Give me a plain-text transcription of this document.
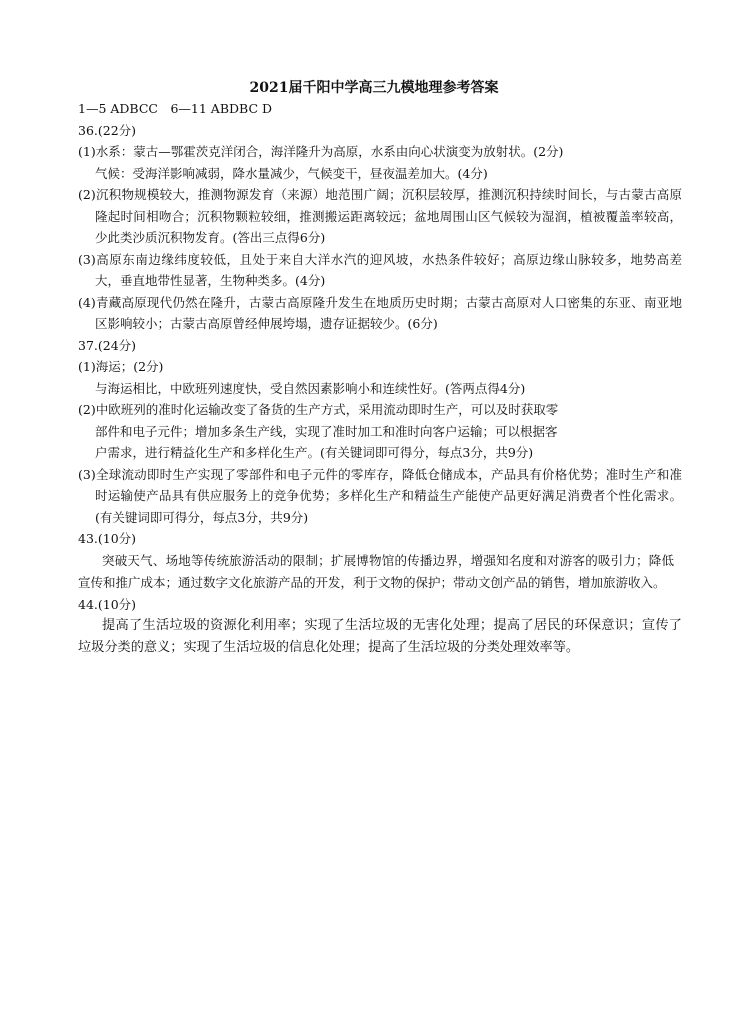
2021届千阳中学高三九模地理参考答案
1—5 ADBCC　6—11 ABDBC D
36.(22分)
(1)水系：蒙古—鄂霍茨克洋闭合，海洋隆升为高原，水系由向心状演变为放射状。(2分)
气候：受海洋影响减弱，降水量减少，气候变干，昼夜温差加大。(4分)
(2)沉积物规模较大，推测物源发育（来源）地范围广阔；沉积层较厚，推测沉积持续时间长，与古蒙古高原隆起时间相吻合；沉积物颗粒较细，推测搬运距离较远；盆地周围山区气候较为湿润，植被覆盖率较高，少此类沙质沉积物发育。(答出三点得6分)
(3)高原东南边缘纬度较低，且处于来自大洋水汽的迎风坡，水热条件较好；高原边缘山脉较多，地势高差大，垂直地带性显著，生物种类多。(4分)
(4)青藏高原现代仍然在隆升，古蒙古高原隆升发生在地质历史时期；古蒙古高原对人口密集的东亚、南亚地区影响较小；古蒙古高原曾经伸展垮塌，遗存证据较少。(6分)
37.(24分)
(1)海运；(2分)
与海运相比，中欧班列速度快，受自然因素影响小和连续性好。(答两点得4分)
(2)中欧班列的准时化运输改变了备货的生产方式，采用流动即时生产，可以及时获取零
部件和电子元件；增加多条生产线，实现了准时加工和准时向客户运输；可以根据客
户需求，进行精益化生产和多样化生产。(有关键词即可得分，每点3分，共9分)
(3)全球流动即时生产实现了零部件和电子元件的零库存，降低仓储成本，产品具有价格优势；准时生产和准时运输使产品具有供应服务上的竞争优势；多样化生产和精益生产能使产品更好满足消费者个性化需求。(有关键词即可得分，每点3分，共9分)
43.(10分)
突破天气、场地等传统旅游活动的限制；扩展博物馆的传播边界，增强知名度和对游客的吸引力；降低宣传和推广成本；通过数字文化旅游产品的开发，利于文物的保护；带动文创产品的销售，增加旅游收入。
44.(10分)
提高了生活垃圾的资源化利用率；实现了生活垃圾的无害化处理；提高了居民的环保意识；宣传了垃圾分类的意义；实现了生活垃圾的信息化处理；提高了生活垃圾的分类处理效率等。
